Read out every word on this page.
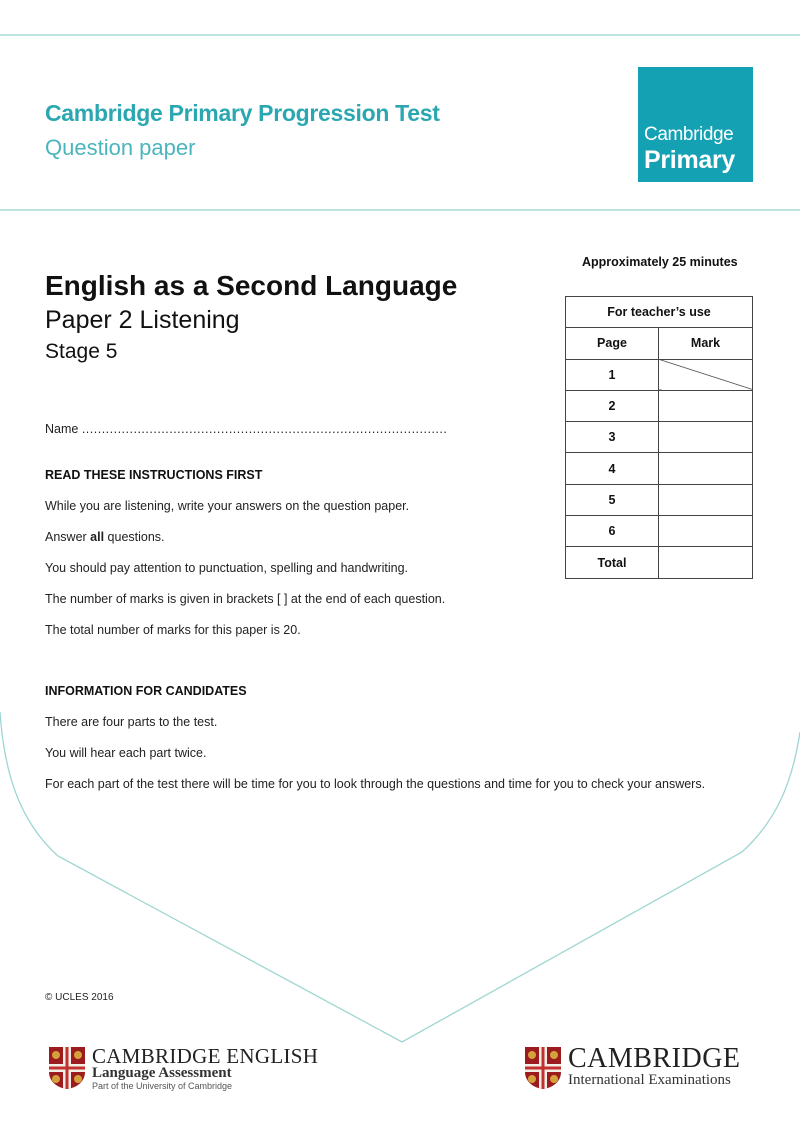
Cambridge Primary Progression Test
Question paper
Cambridge
Primary
English as a Second Language
Paper 2 Listening
Stage 5
Approximately 25 minutes
For teacher’s use	
Page	Mark
1	
2	
3	
4	
5	
6	
Total	
Name ............................................................................................
READ THESE INSTRUCTIONS FIRST
While you are listening, write your answers on the question paper.
Answer all questions.
You should pay attention to punctuation, spelling and handwriting.
The number of marks is given in brackets [ ] at the end of each question.
The total number of marks for this paper is 20.
INFORMATION FOR CANDIDATES
There are four parts to the test.
You will hear each part twice.
For each part of the test there will be time for you to look through the questions and time for you to check your answers.
© UCLES 2016
CAMBRIDGE ENGLISH
Language Assessment
Part of the University of Cambridge
CAMBRIDGE
International Examinations
